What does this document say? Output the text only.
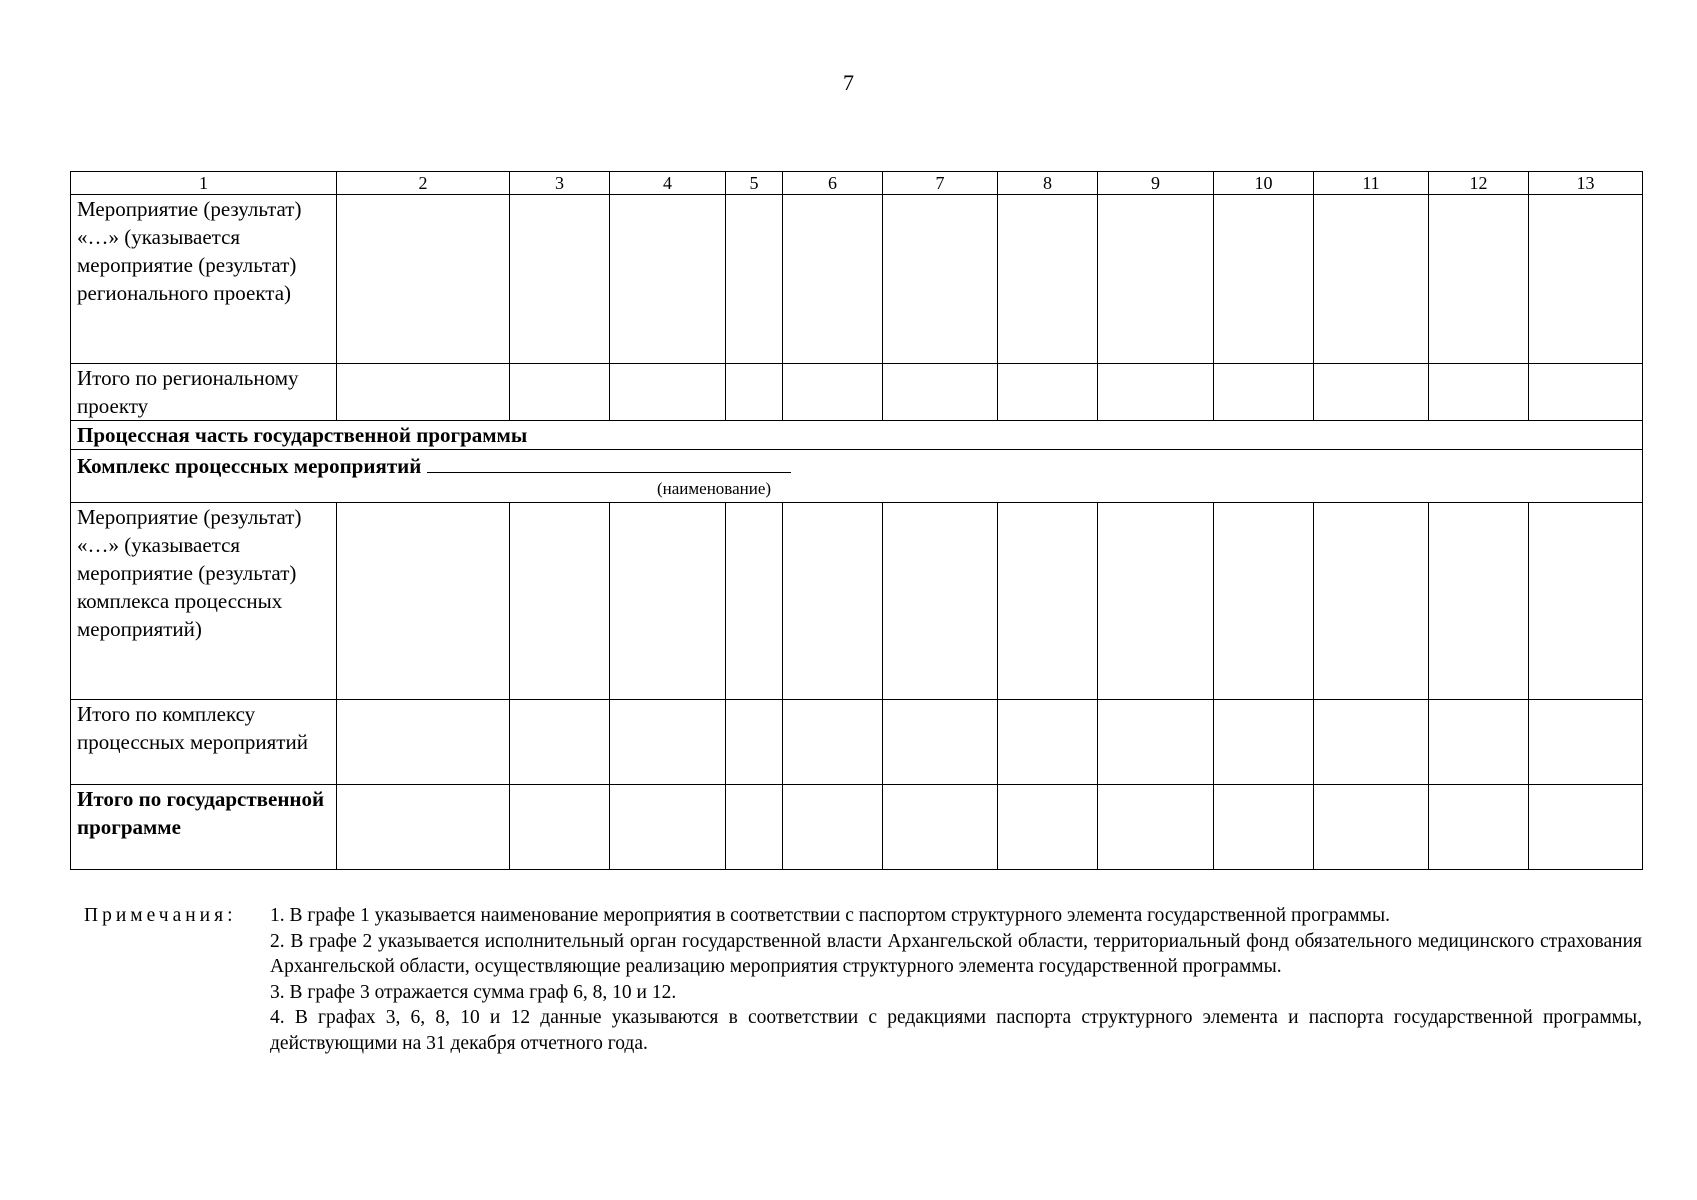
7
1	2	3	4	5	6	7	8	9	10	11	12	13
Мероприятие (результат) «…» (указывается мероприятие (результат) регионального проекта)												
Итого по региональному проекту												
Процессная часть государственной программы												

Комплекс процессных мероприятий
(наименование)												

Мероприятие (результат) «…» (указывается мероприятие (результат) комплекса процессных мероприятий)												
Итого по комплексу процессных мероприятий												
Итого по государственной программе												
Примечания: 1. В графе 1 указывается наименование мероприятия в соответствии с паспортом структурного элемента государственной программы.

2. В графе 2 указывается исполнительный орган государственной власти Архангельской области, территориальный фонд обязательного медицинского страхования Архангельской области, осуществляющие реализацию мероприятия структурного элемента государственной программы.

3. В графе 3 отражается сумма граф 6, 8, 10 и 12.

4. В графах 3, 6, 8, 10 и 12 данные указываются в соответствии с редакциями паспорта структурного элемента и паспорта государственной программы, действующими на 31 декабря отчетного года.
